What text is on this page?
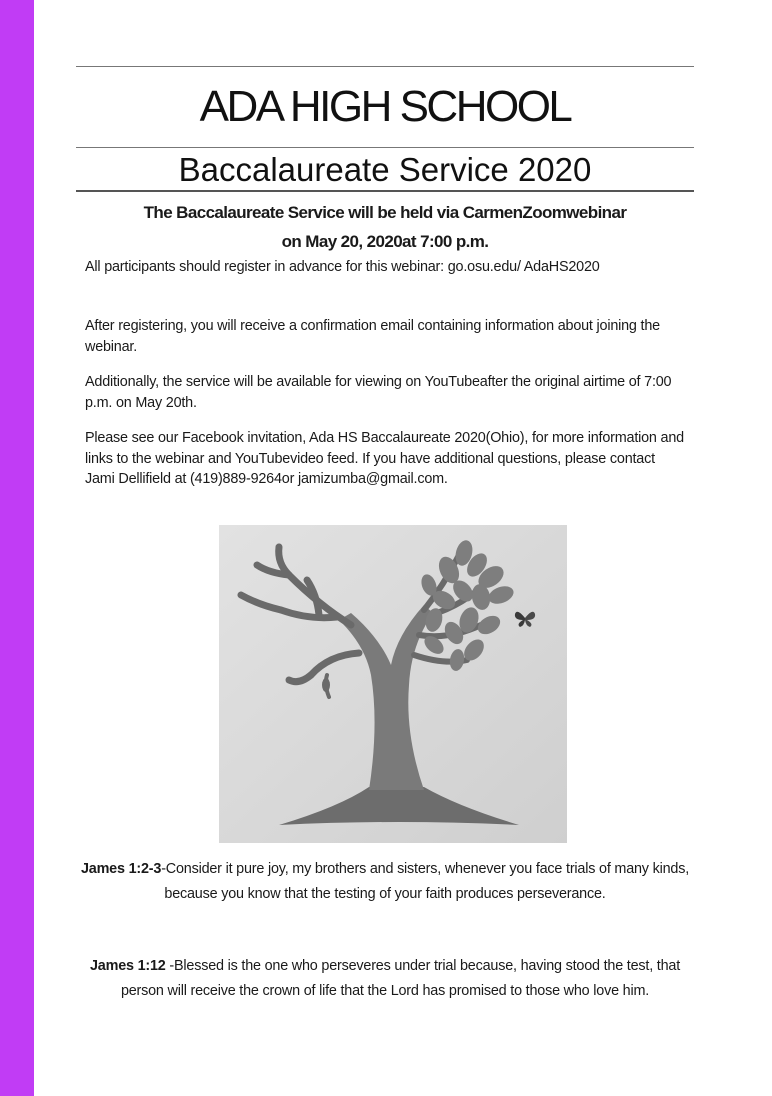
ADA HIGH SCHOOL
Baccalaureate Service 2020
The Baccalaureate Service will be held via CarmenZoomwebinar
on May 20, 2020at 7:00 p.m.

All participants should register in advance for this webinar: go.osu.edu/ AdaHS2020

After registering, you will receive a confirmation email containing information about joining the webinar.

Additionally, the service will be available for viewing on YouTubeafter the original airtime of 7:00 p.m. on May 20th.

Please see our Facebook invitation, Ada HS Baccalaureate 2020(Ohio), for more information and links to the webinar and YouTubevideo feed. If you have additional questions, please contact Jami Dellifield at (419)889-9264or jamizumba@gmail.com.

James 1:2-3-Consider it pure joy, my brothers and sisters, whenever you face trials of many kinds, because you know that the testing of your faith produces perseverance.

James 1:12 -Blessed is the one who perseveres under trial because, having stood the test, that person will receive the crown of life that the Lord has promised to those who love him.
